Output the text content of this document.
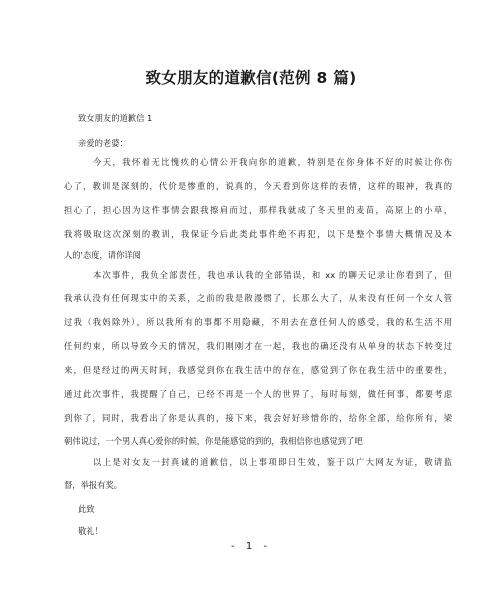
致女朋友的道歉信(范例 8 篇)
致女朋友的道歉信 1
亲爱的老婆：
今天，我怀着无比愧疚的心情公开我向你的道歉，特别是在你身体不好的时候让你伤
心了，教训是深刻的，代价是惨重的，说真的，今天看到你这样的表情，这样的眼神，我真的
担心了，担心因为这件事情会跟我擦肩而过，那样我就成了冬天里的麦苗，高原上的小草，
我将吸取这次深刻的教训，我保证今后此类此事件绝不再犯，以下是整个事情大概情况及本
人的'态度，请你详阅
本次事件，我负全部责任，我也承认我的全部错误，和 xx 的聊天记录让你看到了，但
我承认没有任何现实中的关系，之前的我是散漫惯了，长那么大了，从来没有任何一个女人管
过我（我妈除外），所以我所有的事都不用隐藏，不用去在意任何人的感受，我的私生活不用
任何约束，所以导致今天的情况，我们刚刚才在一起，我也的确还没有从单身的状态下转变过
来，但是经过的两天时间，我感觉到你在我生活中的存在，感觉到了你在我生活中的重要性，
通过此次事件，我提醒了自己，已经不再是一个人的世界了，每时每刻，做任何事，都要考虑
到你了，同时，我看出了你是认真的，接下来，我会好好珍惜你的，给你全部，给你所有，梁
朝伟说过，一个男人真心爱你的时候，你是能感觉的到的，我相信你也感觉到了吧
以上是对女友一封真诚的道歉信，以上事项即日生效，鉴于以广大网友为证，敬请监
督，举报有奖。
此致
敬礼！
- 1 -
